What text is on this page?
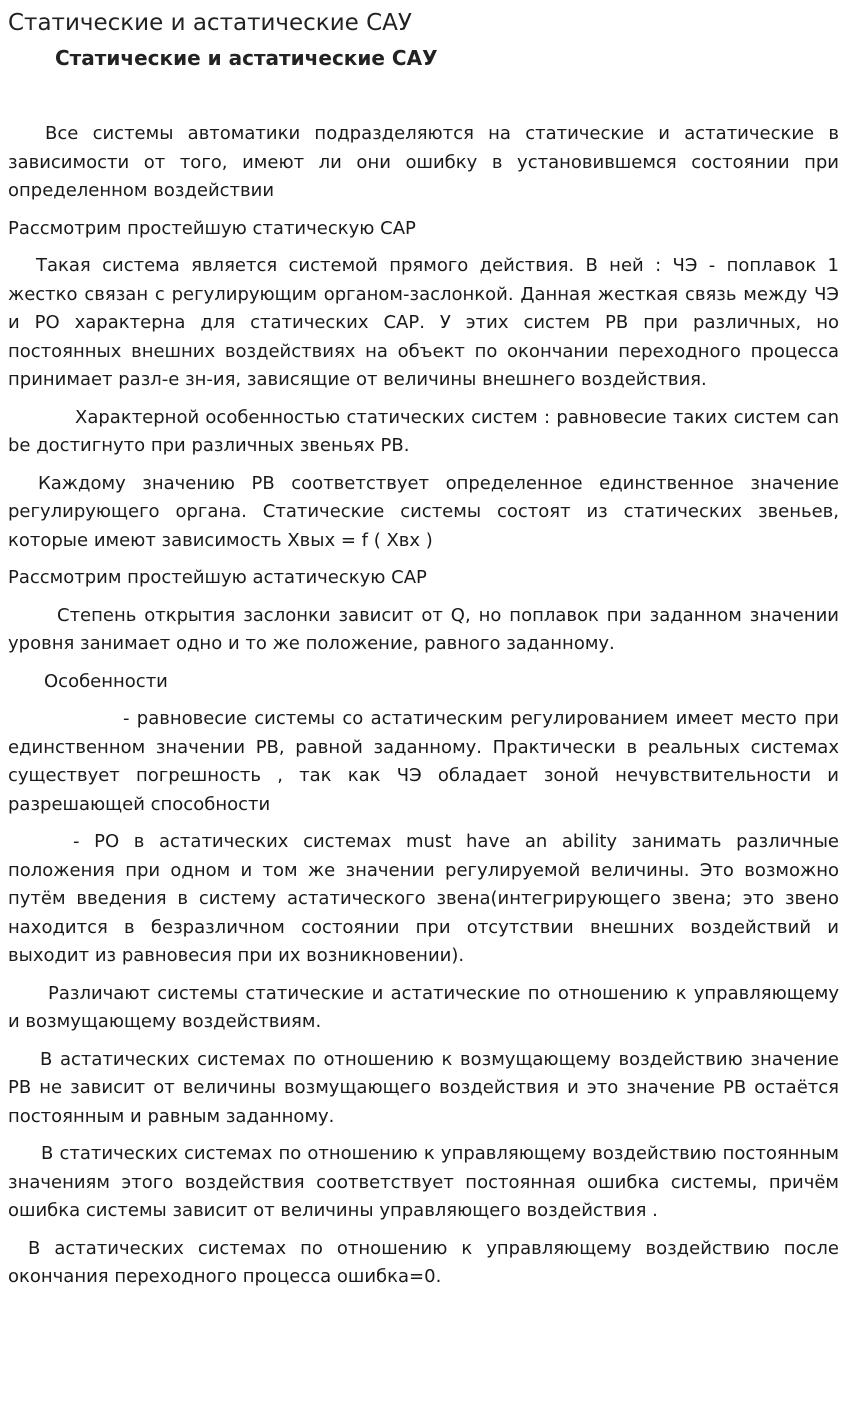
Статические и астатические САУ
Статические и астатические САУ

Все системы автоматики подразделяются на статические и астатические в зависимости от того, имеют ли они ошибку в установившемся состоянии при определенном воздействии

Рассмотрим простейшую статическую САР

Такая система является системой прямого действия. В ней : ЧЭ - поплавок 1 жестко связан с регулирующим органом-заслонкой. Данная жесткая связь между ЧЭ и РО характерна для статических САР. У этих систем РВ при различных, но постоянных внешних воздействиях на объект по окончании переходного процесса принимает разл-е зн-ия, зависящие от величины внешнего воздействия.

Характерной особенностью статических систем : равновесие таких систем can be достигнуто при различных звеньях РВ.

Каждому значению РВ соответствует определенное единственное значение регулирующего органа. Статические системы состоят из статических звеньев, которые имеют зависимость Хвых = f ( Хвх )

Рассмотрим простейшую астатическую САР

Степень открытия заслонки зависит от Q, но поплавок при заданном значении уровня занимает одно и то же положение, равного заданному.

Особенности

- равновесие системы со астатическим регулированием имеет место при единственном значении РВ, равной заданному. Практически в реальных системах существует погрешность , так как ЧЭ обладает зоной нечувствительности и разрешающей способности

- РО в астатических системах must have an ability занимать различные положения при одном и том же значении регулируемой величины. Это возможно путём введения в систему астатического звена(интегрирующего звена; это звено находится в безразличном состоянии при отсутствии внешних воздействий и выходит из равновесия при их возникновении).

Различают системы статические и астатические по отношению к управляющему и возмущающему воздействиям.

В астатических системах по отношению к возмущающему воздействию значение РВ не зависит от величины возмущающего воздействия и это значение РВ остаётся постоянным и равным заданному.

В статических системах по отношению к управляющему воздействию постоянным значениям этого воздействия соответствует постоянная ошибка системы, причём ошибка системы зависит от величины управляющего воздействия .

В астатических системах по отношению к управляющему воздействию после окончания переходного процесса ошибка=0.
